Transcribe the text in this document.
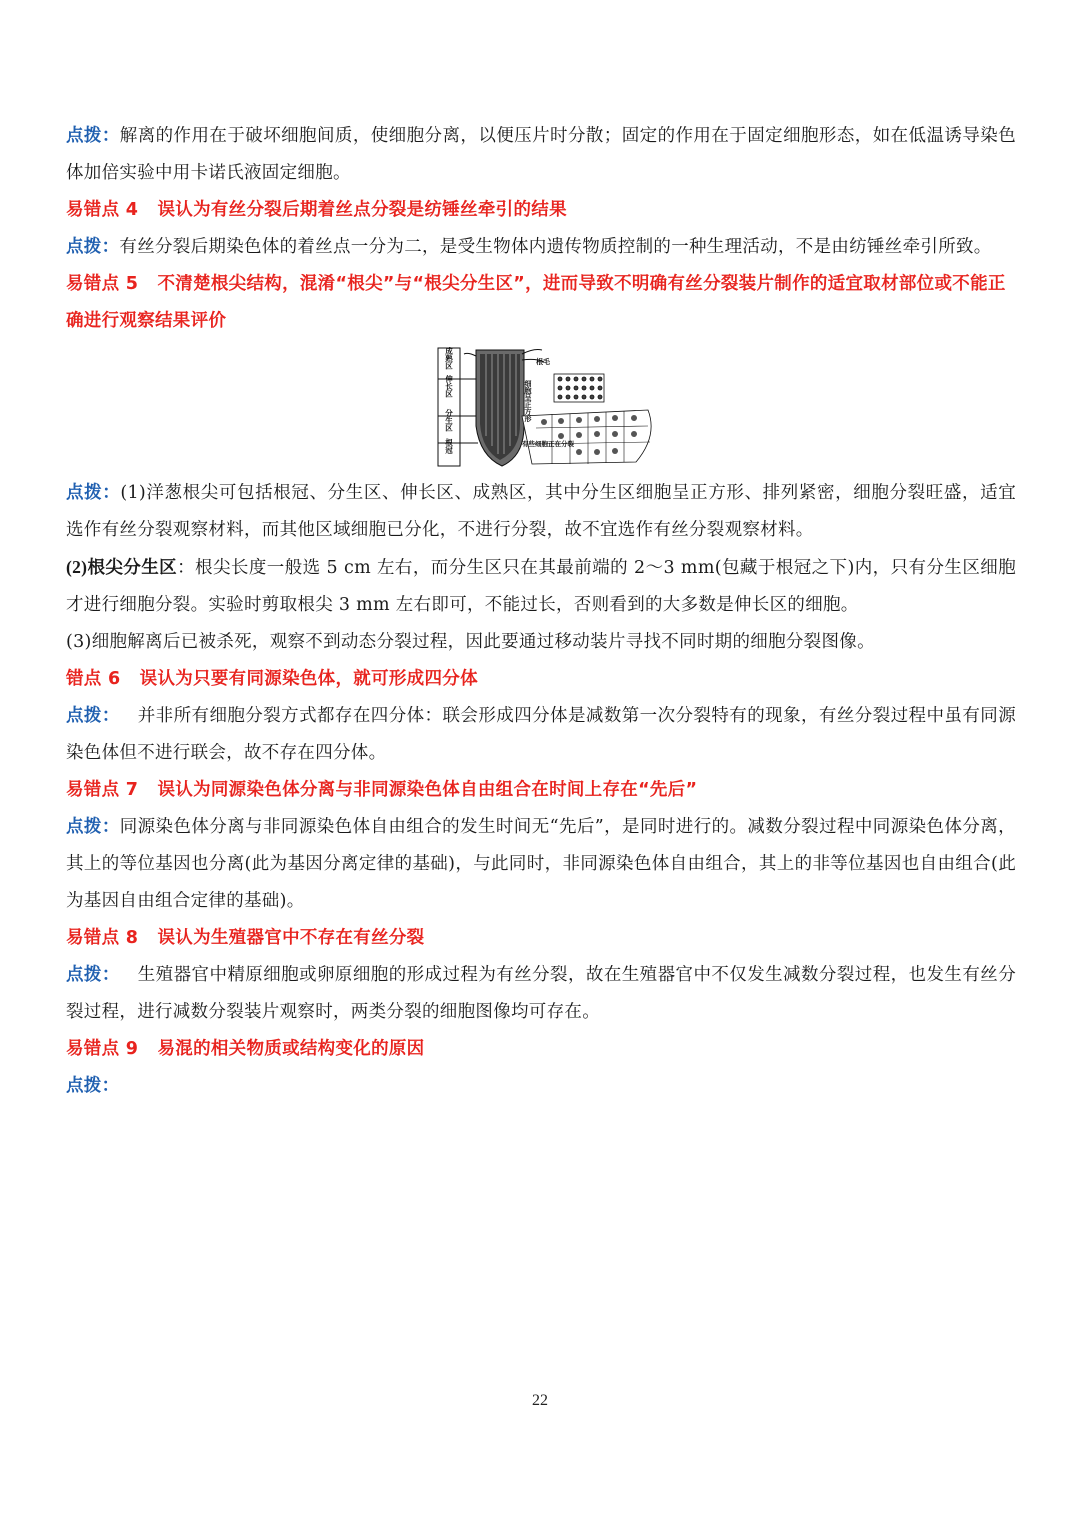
点拨：解离的作用在于破坏细胞间质，使细胞分离，以便压片时分散；固定的作用在于固定细胞形态，如在低温诱导染色体加倍实验中用卡诺氏液固定细胞。

易错点 4 误认为有丝分裂后期着丝点分裂是纺锤丝牵引的结果

点拨：有丝分裂后期染色体的着丝点一分为二，是受生物体内遗传物质控制的一种生理活动，不是由纺锤丝牵引所致。

易错点 5 不清楚根尖结构，混淆“根尖”与“根尖分生区”，进而导致不明确有丝分裂装片制作的适宜取材部位或不能正确进行观察结果评价

成熟区
伸长区
分生区
根冠
根毛
细胞呈正方形
有些细胞正在分裂

点拨：(1)洋葱根尖可包括根冠、分生区、伸长区、成熟区，其中分生区细胞呈正方形、排列紧密，细胞分裂旺盛，适宜选作有丝分裂观察材料，而其他区域细胞已分化，不进行分裂，故不宜选作有丝分裂观察材料。

(2)根尖分生区：根尖长度一般选 5 cm 左右，而分生区只在其最前端的 2～3 mm(包藏于根冠之下)内，只有分生区细胞才进行细胞分裂。实验时剪取根尖 3 mm 左右即可，不能过长，否则看到的大多数是伸长区的细胞。

(3)细胞解离后已被杀死，观察不到动态分裂过程，因此要通过移动装片寻找不同时期的细胞分裂图像。

错点 6 误认为只要有同源染色体，就可形成四分体

点拨： 并非所有细胞分裂方式都存在四分体：联会形成四分体是减数第一次分裂特有的现象，有丝分裂过程中虽有同源染色体但不进行联会，故不存在四分体。

易错点 7 误认为同源染色体分离与非同源染色体自由组合在时间上存在“先后”

点拨：同源染色体分离与非同源染色体自由组合的发生时间无“先后”，是同时进行的。减数分裂过程中同源染色体分离，其上的等位基因也分离(此为基因分离定律的基础)，与此同时，非同源染色体自由组合，其上的非等位基因也自由组合(此为基因自由组合定律的基础)。

易错点 8 误认为生殖器官中不存在有丝分裂

点拨： 生殖器官中精原细胞或卵原细胞的形成过程为有丝分裂，故在生殖器官中不仅发生减数分裂过程，也发生有丝分裂过程，进行减数分裂装片观察时，两类分裂的细胞图像均可存在。

易错点 9 易混的相关物质或结构变化的原因

点拨：

22
